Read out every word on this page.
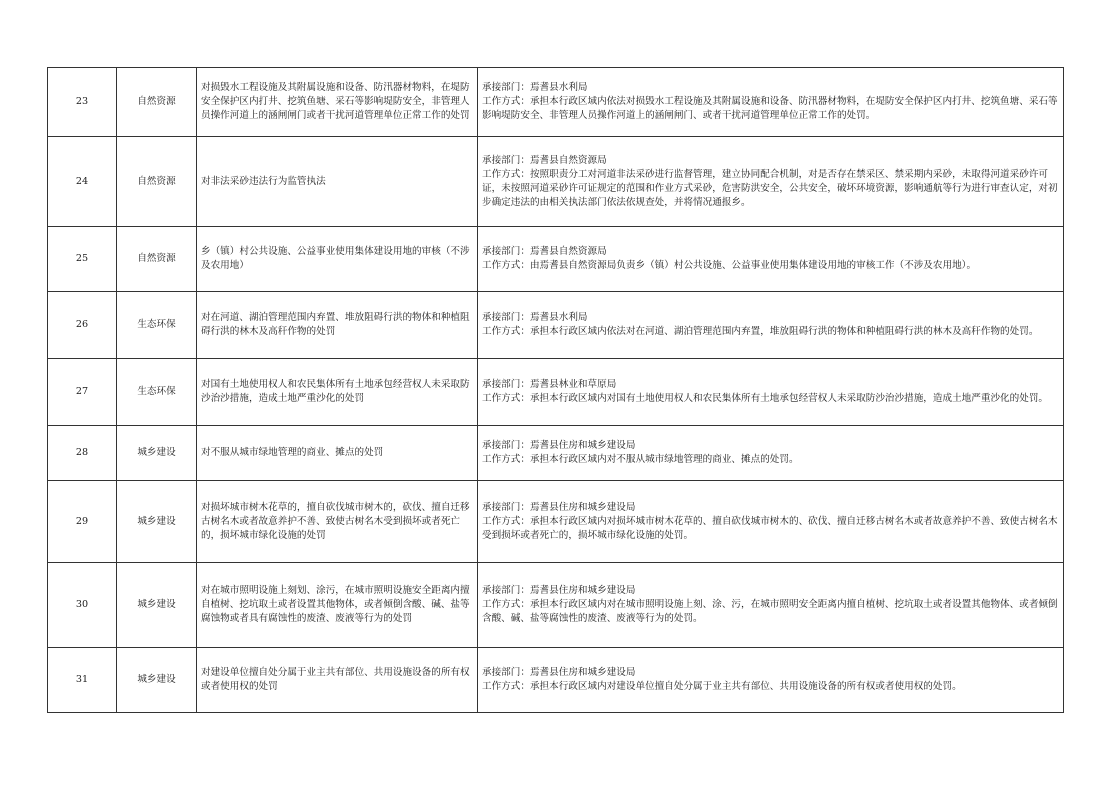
23	自然资源	对损毁水工程设施及其附属设施和设备、防汛器材物料，在堤防安全保护区内打井、挖筑鱼塘、采石等影响堤防安全，非管理人员操作河道上的涵闸闸门或者干扰河道管理单位正常工作的处罚	承接部门：焉耆县水利局
工作方式：承担本行政区域内依法对损毁水工程设施及其附属设施和设备、防汛器材物料，在堤防安全保护区内打井、挖筑鱼塘、采石等影响堤防安全、非管理人员操作河道上的涵闸闸门、或者干扰河道管理单位正常工作的处罚。

24	自然资源	对非法采砂违法行为监管执法	承接部门：焉耆县自然资源局
工作方式：按照职责分工对河道非法采砂进行监督管理，建立协同配合机制，对是否存在禁采区、禁采期内采砂，未取得河道采砂许可证，未按照河道采砂许可证规定的范围和作业方式采砂，危害防洪安全，公共安全，破坏环境资源，影响通航等行为进行审查认定，对初步确定违法的由相关执法部门依法依规查处，并将情况通报乡。

25	自然资源	乡（镇）村公共设施、公益事业使用集体建设用地的审核（不涉及农用地）	承接部门：焉耆县自然资源局
工作方式：由焉耆县自然资源局负责乡（镇）村公共设施、公益事业使用集体建设用地的审核工作（不涉及农用地）。

26	生态环保	对在河道、湖泊管理范围内弃置、堆放阻碍行洪的物体和种植阻碍行洪的林木及高秆作物的处罚	承接部门：焉耆县水利局
工作方式：承担本行政区域内依法对在河道、湖泊管理范围内弃置，堆放阻碍行洪的物体和种植阻碍行洪的林木及高秆作物的处罚。

27	生态环保	对国有土地使用权人和农民集体所有土地承包经营权人未采取防沙治沙措施，造成土地严重沙化的处罚	承接部门：焉耆县林业和草原局
工作方式：承担本行政区域内对国有土地使用权人和农民集体所有土地承包经营权人未采取防沙治沙措施，造成土地严重沙化的处罚。

28	城乡建设	对不服从城市绿地管理的商业、摊点的处罚	承接部门：焉耆县住房和城乡建设局
工作方式：承担本行政区域内对不服从城市绿地管理的商业、摊点的处罚。

29	城乡建设	对损坏城市树木花草的，擅自砍伐城市树木的，砍伐、擅自迁移古树名木或者故意养护不善、致使古树名木受到损坏或者死亡的，损坏城市绿化设施的处罚	承接部门：焉耆县住房和城乡建设局
工作方式：承担本行政区域内对损坏城市树木花草的、擅自砍伐城市树木的、砍伐、擅自迁移古树名木或者故意养护不善、致使古树名木受到损坏或者死亡的，损坏城市绿化设施的处罚。

30	城乡建设	对在城市照明设施上刻划、涂污，在城市照明设施安全距离内擅自植树、挖坑取土或者设置其他物体，或者倾倒含酸、碱、盐等腐蚀物或者具有腐蚀性的废渣、废液等行为的处罚	承接部门：焉耆县住房和城乡建设局
工作方式：承担本行政区域内对在城市照明设施上刻、涂、污，在城市照明安全距离内擅自植树、挖坑取土或者设置其他物体、或者倾倒含酸、碱、盐等腐蚀性的废渣、废液等行为的处罚。

31	城乡建设	对建设单位擅自处分属于业主共有部位、共用设施设备的所有权或者使用权的处罚	承接部门：焉耆县住房和城乡建设局
工作方式：承担本行政区域内对建设单位擅自处分属于业主共有部位、共用设施设备的所有权或者使用权的处罚。
